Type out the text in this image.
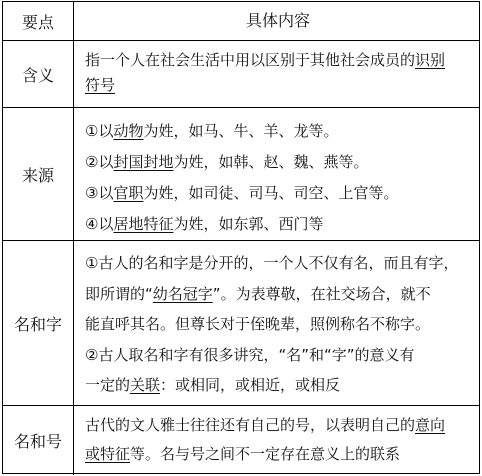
要点	具体内容
含义
指一个人在社会生活中用以区别于其他社会成员的识别
符号
来源
①以动物为姓，如马、牛、羊、龙等。
②以封国封地为姓，如韩、赵、魏、燕等。
③以官职为姓，如司徒、司马、司空、上官等。
④以居地特征为姓，如东郭、西门等
名和字
①古人的名和字是分开的，一个人不仅有名，而且有字，
即所谓的“幼名冠字”。为表尊敬，在社交场合，就不
能直呼其名。但尊长对于侄晚辈，照例称名不称字。
②古人取名和字有很多讲究，“名”和“字”的意义有
一定的关联：或相同，或相近，或相反
名和号
古代的文人雅士往往还有自己的号，以表明自己的意向
或特征等。名与号之间不一定存在意义上的联系
